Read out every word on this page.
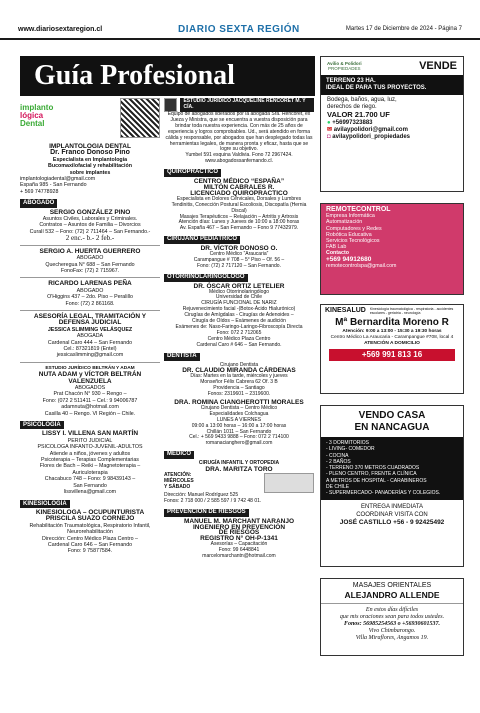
www.diariosextaregion.cl	DIARIO SEXTA REGIÓN	Martes 17 de Diciembre de 2024 - Página 7
Guía Profesional
implanto
lógica
Dental
IMPLANTOLOGIA DENTAL
Dr. Franco Donoso Pino
Especialista en Implantología
Bucomaxilofacial y rehabilitación
sobre implantes
implantologiadental@gmail.com
España 985 - San Fernando
+ 569 74778928
ABOGADO
SERGIO GONZÁLEZ PINO
Asuntos Civiles, Laborales y Criminales.
Contratos – Asuntos de Familia – Divorcios
Curalí 532 – Fono: (72) 2 711464 – San Fernando.-
2 enc.- b.- 2 feb.-
SERGIO A. HUERTA GUERRERO
ABOGADO
Quecheregua N° 688 – San Fernando
FonoFax: (72) 2 715967.
RICARDO LARENAS PEÑA
ABOGADO
O'Higgins 437 – 2do. Piso – Peralillo
Fono: (72) 2 861168.
ASESORÍA LEGAL, TRAMITACIÓN Y DEFENSA JUDICIAL
JESSICA SLIMMING VELÁSQUEZ
ABOGADA
Cardenal Caro 444 – San Fernando
Cel.: 87321819 (Entel)
jessicaslimming@gmail.com
ESTUDIO JURÍDICO BELTRÁN Y ADAM
NUTA ADAM y VÍCTOR BELTRÁN VALENZUELA
ABOGADOS
Prat Chacón N° 930 – Rengo –
Fono: (072 2 511411 – Cel.: 9 94006787
adamnuta@hotmail.com
Casilla 40 – Rengo. VI Región – Chile.
PSICOLOGÍA
LISSY I. VILLENA SAN MARTÍN
PERITO JUDICIAL
PSICOLOGA INFANTO-JUVENIL-ADULTOS
Atiende a niños, jóvenes y adultos
Psicoterapia – Terapias Complementarias
Flores de Bach – Reiki – Magnetoterapia –
Auriculoterapia
Chacabuco 748 – Fono: 9 98439143 –
San Fernando
lissvillena@gmail.com
KINESIOLOGÍA
KINESIOLOGA – OCUPUNTURISTA
PRISCILA SUAZO CORNEJO
Rehabilitación Traumatológica, Respiratorio Infantil,
Neurorehabilitación
Dirección: Centro Médico Plaza Centro –
Cardenal Caro 646 – San Fernando
Fono: 9 75877584.
ESTUDIO JURÍDICO JACQUELINE RENCORET M. Y CÍA.
Equipo de abogados liderados por la abogada Sra. Rencoret, ex Jueza y Ministra, que se encuentra a vuestra disposición para brindar toda nuestra experiencia. Con más de 25 años de experiencia y logros comprobables. Ud., será atendido en forma cálida y responsable, por abogados que han desplegado todas las herramientas legales, de manera pronta y eficaz, hasta que se logre su objetivo.
Yumbel 591 esquina Valdivia. Fono 72 2967424.
www.abogadossanfernando.cl.
QUIROPRÁCTICO
CENTRO MÉDICO “ESPAÑA”
MILTÓN CABRALES R.
LICENCIADO QUIROPRACTICO
Especialista en Dolores Cervicales, Dorsales y Lumbres
Tendinitis, Conección Postural Escoliosis, Discopatía (Hernia Discal)
Masajes Terapéuticos – Relajación – Artritis y Artrosis
Atención días: Lunes y Jueves de 10:00 a 18:00 horas
Av. España 467 – San Fernando – Fono 9 77432979.
CIRUJANO PEDIÁTRICO
DR. VÍCTOR DONOSO O.
Centro Médico “Araucaria”
Carampangue # 708 – 5° Piso – Of. 56 –
Fono: (72) 2 717120 – San Fernando.
OTORRINOLARINGÓLOGO
DR. ÓSCAR ORTIZ LETELIER
Médico Otorrinolaringólogo
Universidad de Chile
CIRUGÍA FUNCIONAL DE NARIZ
Rejuvenecimiento facial -(Botox-Ácido Hialurónico)
Cirugías de Amígdalas - Cirugías de Adenoides –
Cirugía de Oídos – Exámenes de audición
Exámenes de: Naso-Faringo-Laringo-Fibroscopía Directa
Fono: 072 2 712065
Centro Médico Plaza Centro
Cardenal Caro # 646 – San Fernando.
DENTISTA
Cirujano Dentista
DR. CLAUDIO MIRANDA CÁRDENAS
Días: Martes en la tarde, miércoles y jueves
Monseñor Félix Cabrera 62 Of. 3 B
Providencia – Santiago
Fonos: 2319601 – 2319600.
DRA. ROMINA CIANGHEROTTI MORALES
Cirujano Dentista – Centro Médico
Especialidades Colchagua
LUNES A VIERNES
09:00 a 13:00 horas – 16:00 a 17:00 horas
Chillán 1011 – San Fernando
Cel.: + 569 9433 9888 – Fono: 072 2 714100
romanacianghero@gmail.com
MÉDICO
CIRUGÍA INFANTIL Y ORTOPEDIA
DRA. MARITZA TORO
ATENCIÓN:
MIÉRCOLES
Y SÁBADO
Dirección: Manuel Rodríguez 525
Fonos: 2 718 000 / 2 585 597 / 9 742 48 01.
PREVENCIÓN DE RIESGOS
MANUEL M. MARCHANT NARANJO
INGENIERO EN PREVENCIÓN
DE RIESGOS
REGISTRO N° OH-P-1341
Asesorías – Capacitación
Fono: 99 6448841
marcelomarchantn@hotmail.com
Avilio & Polidori
PROPIEDADES	VENDE
TERRENO 23 HA.
IDEAL DE PARA TUS PROYECTOS.
Bodega, baños, agua, luz,
derechos de riego.
VALOR 21.700 UF
● +56997323883
✉ avilaypolidori@gmail.com
◘ avilaypolidori_propiedades
REMOTECONTROL
Empresa Informática
Automatización
Computadores y Redes
Robótica Educativa
Servicios Tecnológicos
FAB Lab
Contacto
+569 94912680
remotecontrolspa@gmail.com
KINESALUD Kinesiología traumatológica - respiratoria - accidentes escolares - geriatría - neurología
Mª Bernardita Moreno R
Atención: 9:00 a 13:00 - 15:30 a 19:30 horas
Centro Médico La Araucaria - Carampangue #708, local 4
ATENCIÓN A DOMICILIO
+569 991 813 16
VENDO CASA
EN NANCAGUA
- 3 DORMITORIOS
- LIVING- COMEDOR
- COCINA
- 2 BAÑOS
- TERRENO 370 METROS CUADRADOS
- PLENO CENTRO, FRENTE A CLÍNICA
A METROS DE HOSPITAL - CARABINEROS
DE CHILE
- SUPERMERCADO- PANADERÍAS Y COLEGIOS.
ENTREGA INMEDIATA
COORDINAR VISITA CON
JOSÉ CASTILLO +56 - 9 92425492
MASAJES ORIENTALES
ALEJANDRO ALLENDE
En estos días difíciles
que mis oraciones sean para todos ustedes.
Fonos: 56985254563 o +56930601537.
Vivo Chimbarongo.
Villa Miraflores, Angamos 19.
